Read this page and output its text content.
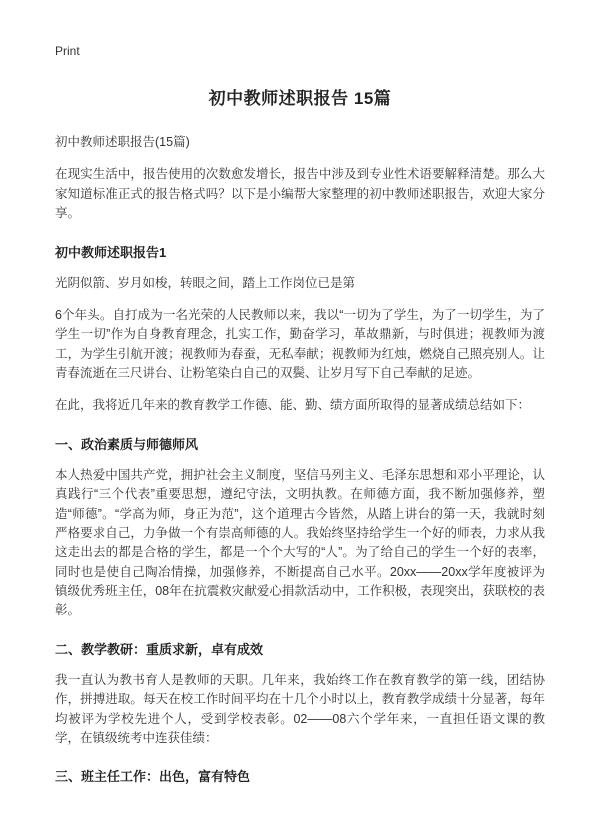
Print
初中教师述职报告 15篇

初中教师述职报告(15篇)

在现实生活中，报告使用的次数愈发增长，报告中涉及到专业性术语要解释清楚。那么大家知道标准正式的报告格式吗？以下是小编帮大家整理的初中教师述职报告，欢迎大家分享。

初中教师述职报告1

光阴似箭、岁月如梭，转眼之间，踏上工作岗位已是第

6个年头。自打成为一名光荣的人民教师以来，我以“一切为了学生，为了一切学生，为了学生一切”作为自身教育理念，扎实工作，勤奋学习，革故鼎新，与时俱进；视教师为渡工，为学生引航开渡；视教师为春蚕，无私奉献；视教师为红烛，燃烧自己照亮别人。让青春流逝在三尺讲台、让粉笔染白自己的双鬓、让岁月写下自己奉献的足迹。

在此，我将近几年来的教育教学工作德、能、勤、绩方面所取得的显著成绩总结如下：

一、政治素质与师德师风

本人热爱中国共产党，拥护社会主义制度，坚信马列主义、毛泽东思想和邓小平理论，认真践行“三个代表”重要思想，遵纪守法，文明执教。在师德方面，我不断加强修养，塑造“师德”。“学高为师，身正为范”，这个道理古今皆然，从踏上讲台的第一天，我就时刻严格要求自己，力争做一个有崇高师德的人。我始终坚持给学生一个好的师表，力求从我这走出去的都是合格的学生，都是一个个大写的“人”。为了给自己的学生一个好的表率，同时也是使自己陶冶情操，加强修养，不断提高自己水平。20xx——20xx学年度被评为镇级优秀班主任，08年在抗震救灾献爱心捐款活动中，工作积极，表现突出，获联校的表彰。

二、教学教研：重质求新，卓有成效

我一直认为教书育人是教师的天职。几年来，我始终工作在教育教学的第一线，团结协作，拼搏进取。每天在校工作时间平均在十几个小时以上，教育教学成绩十分显著，每年均被评为学校先进个人，受到学校表彰。02——08六个学年来，一直担任语文课的教学，在镇级统考中连获佳绩：

三、班主任工作：出色，富有特色
